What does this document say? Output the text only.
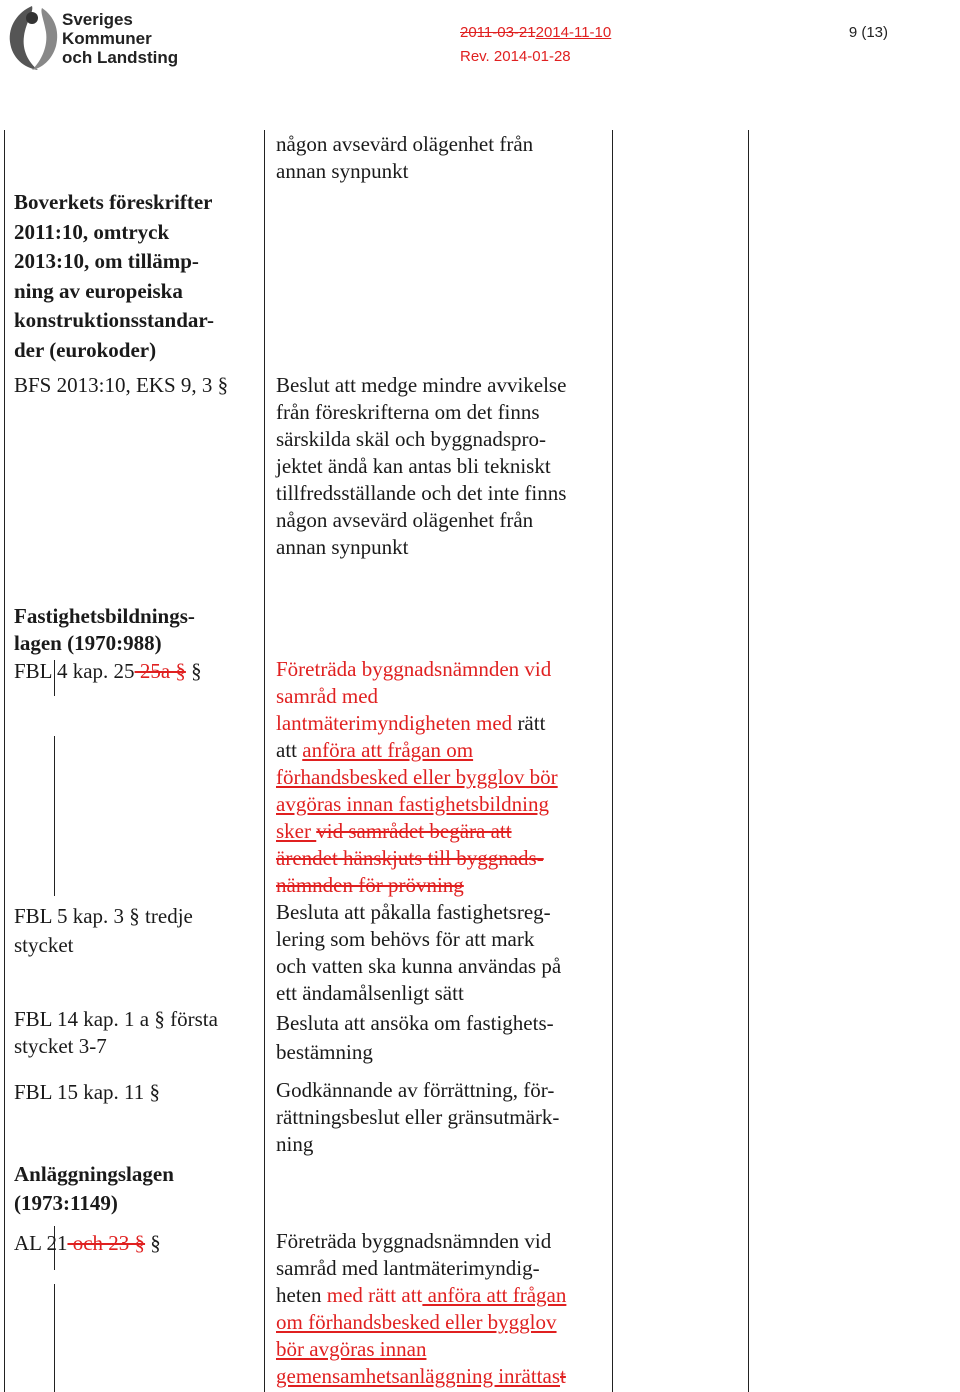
Sveriges
Kommuner
och Landsting
2011-03-212014-11-10
Rev. 2014-01-28
9 (13)
Boverkets föreskrifter
2011:10, omtryck
2013:10, om tillämp-
ning av europeiska
konstruktionsstandar-
der (eurokoder)
BFS 2013:10, EKS 9, 3 §
Fastighetsbildnings-
lagen (1970:988)
FBL 4 kap. 25 25a § §
FBL 5 kap. 3 § tredje
stycket
FBL 14 kap. 1 a § första
stycket 3-7
FBL 15 kap. 11 §
Anläggningslagen
(1973:1149)
AL 21 och 23 § §
någon avsevärd olägenhet från
annan synpunkt
Beslut att medge mindre avvikelse
från föreskrifterna om det finns
särskilda skäl och byggnadspro-
jektet ändå kan antas bli tekniskt
tillfredsställande och det inte finns
någon avsevärd olägenhet från
annan synpunkt
Företräda byggnadsnämnden vid
samråd med
lantmäterimyndigheten med rätt
att anföra att frågan om
förhandsbesked eller bygglov bör
avgöras innan fastighetsbildning
sker vid samrådet begära att
ärendet hänskjuts till byggnads-
nämnden för prövning
Besluta att påkalla fastighetsreg-
lering som behövs för att mark
och vatten ska kunna användas på
ett ändamålsenligt sätt
Besluta att ansöka om fastighets-
bestämning
Godkännande av förrättning, för-
rättningsbeslut eller gränsutmärk-
ning
Företräda byggnadsnämnden vid
samråd med lantmäterimyndig-
heten med rätt att anföra att frågan
om förhandsbesked eller bygglov
bör avgöras innan
gemensamhetsanläggning inrättast
